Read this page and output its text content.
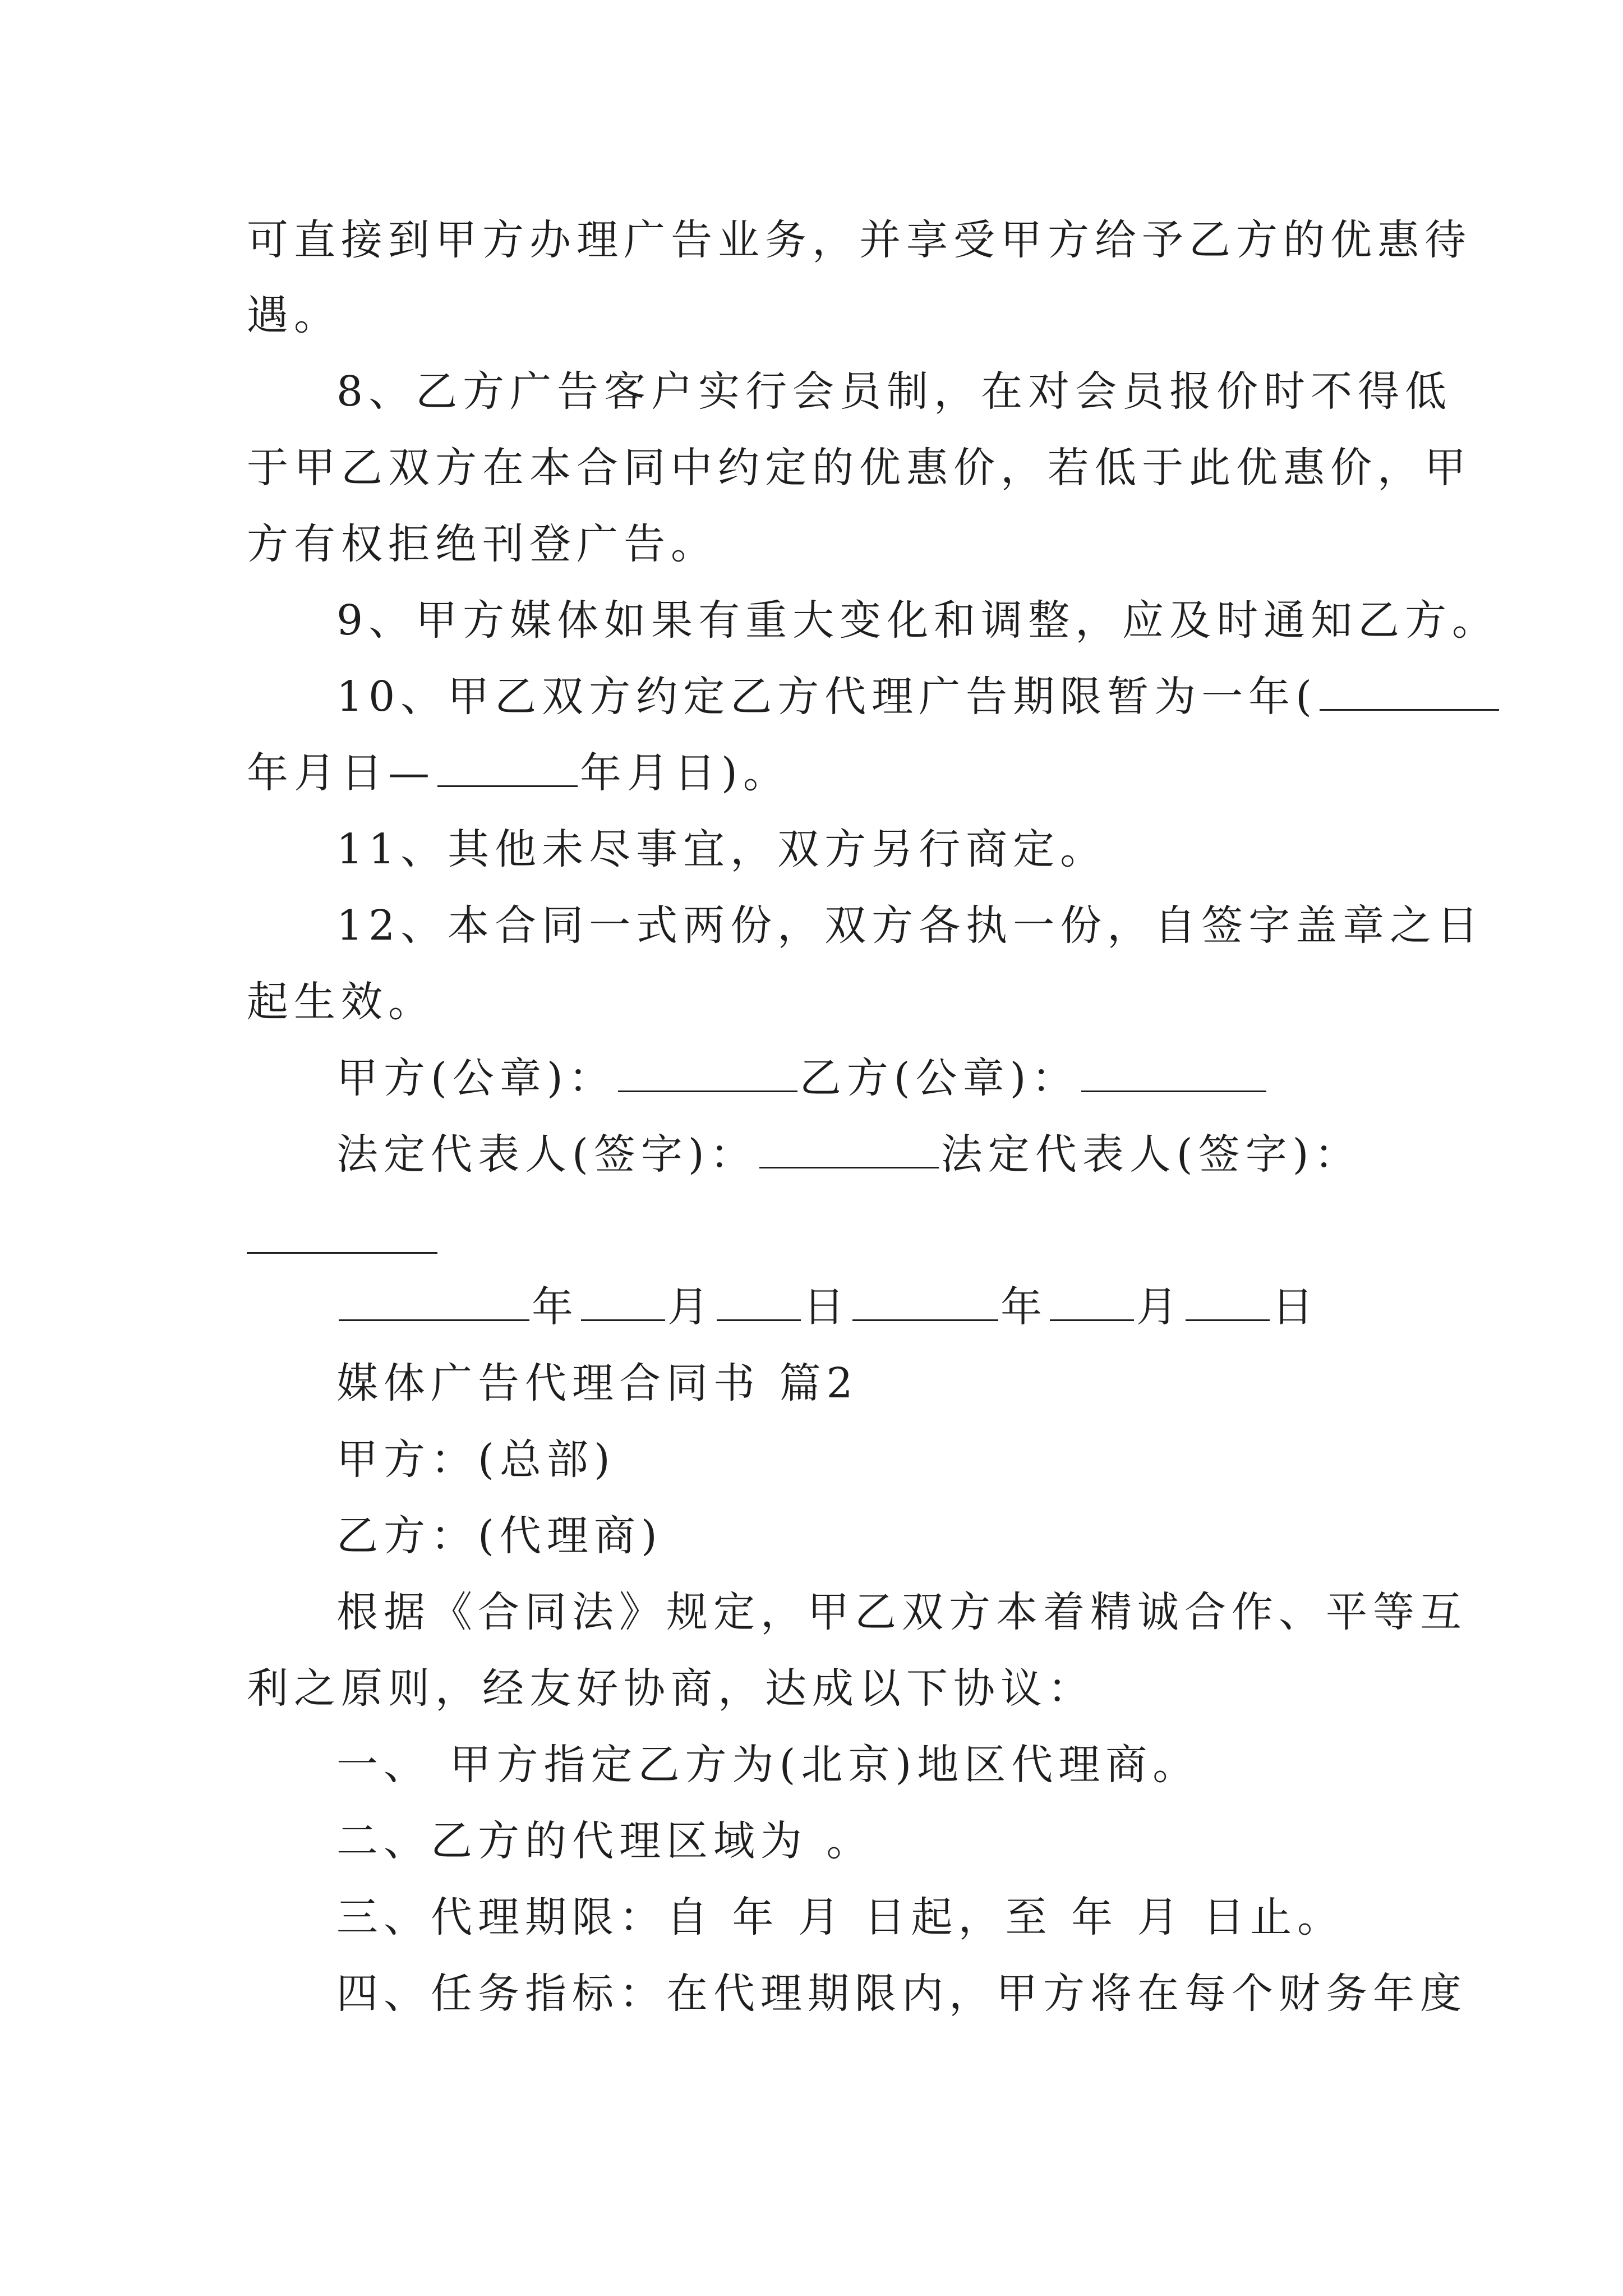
可直接到甲方办理广告业务，并享受甲方给予乙方的优惠待
遇。
8、乙方广告客户实行会员制，在对会员报价时不得低
于甲乙双方在本合同中约定的优惠价，若低于此优惠价，甲
方有权拒绝刊登广告。
9、甲方媒体如果有重大变化和调整，应及时通知乙方。
10、甲乙双方约定乙方代理广告期限暂为一年(
年月日—	年月日)。
11、其他未尽事宜，双方另行商定。
12、本合同一式两份，双方各执一份，自签字盖章之日
起生效。
甲方(公章)：	乙方(公章)：
法定代表人(签字)：	法定代表人(签字)：
年 月 日	年 月 日
媒体广告代理合同书 篇2
甲方：(总部)
乙方：(代理商)
根据《合同法》规定，甲乙双方本着精诚合作、平等互
利之原则，经友好协商，达成以下协议：
一、 甲方指定乙方为(北京)地区代理商。
二、乙方的代理区域为 。
三、代理期限：自 年 月 日起，至 年 月 日止。
四、任务指标：在代理期限内，甲方将在每个财务年度
